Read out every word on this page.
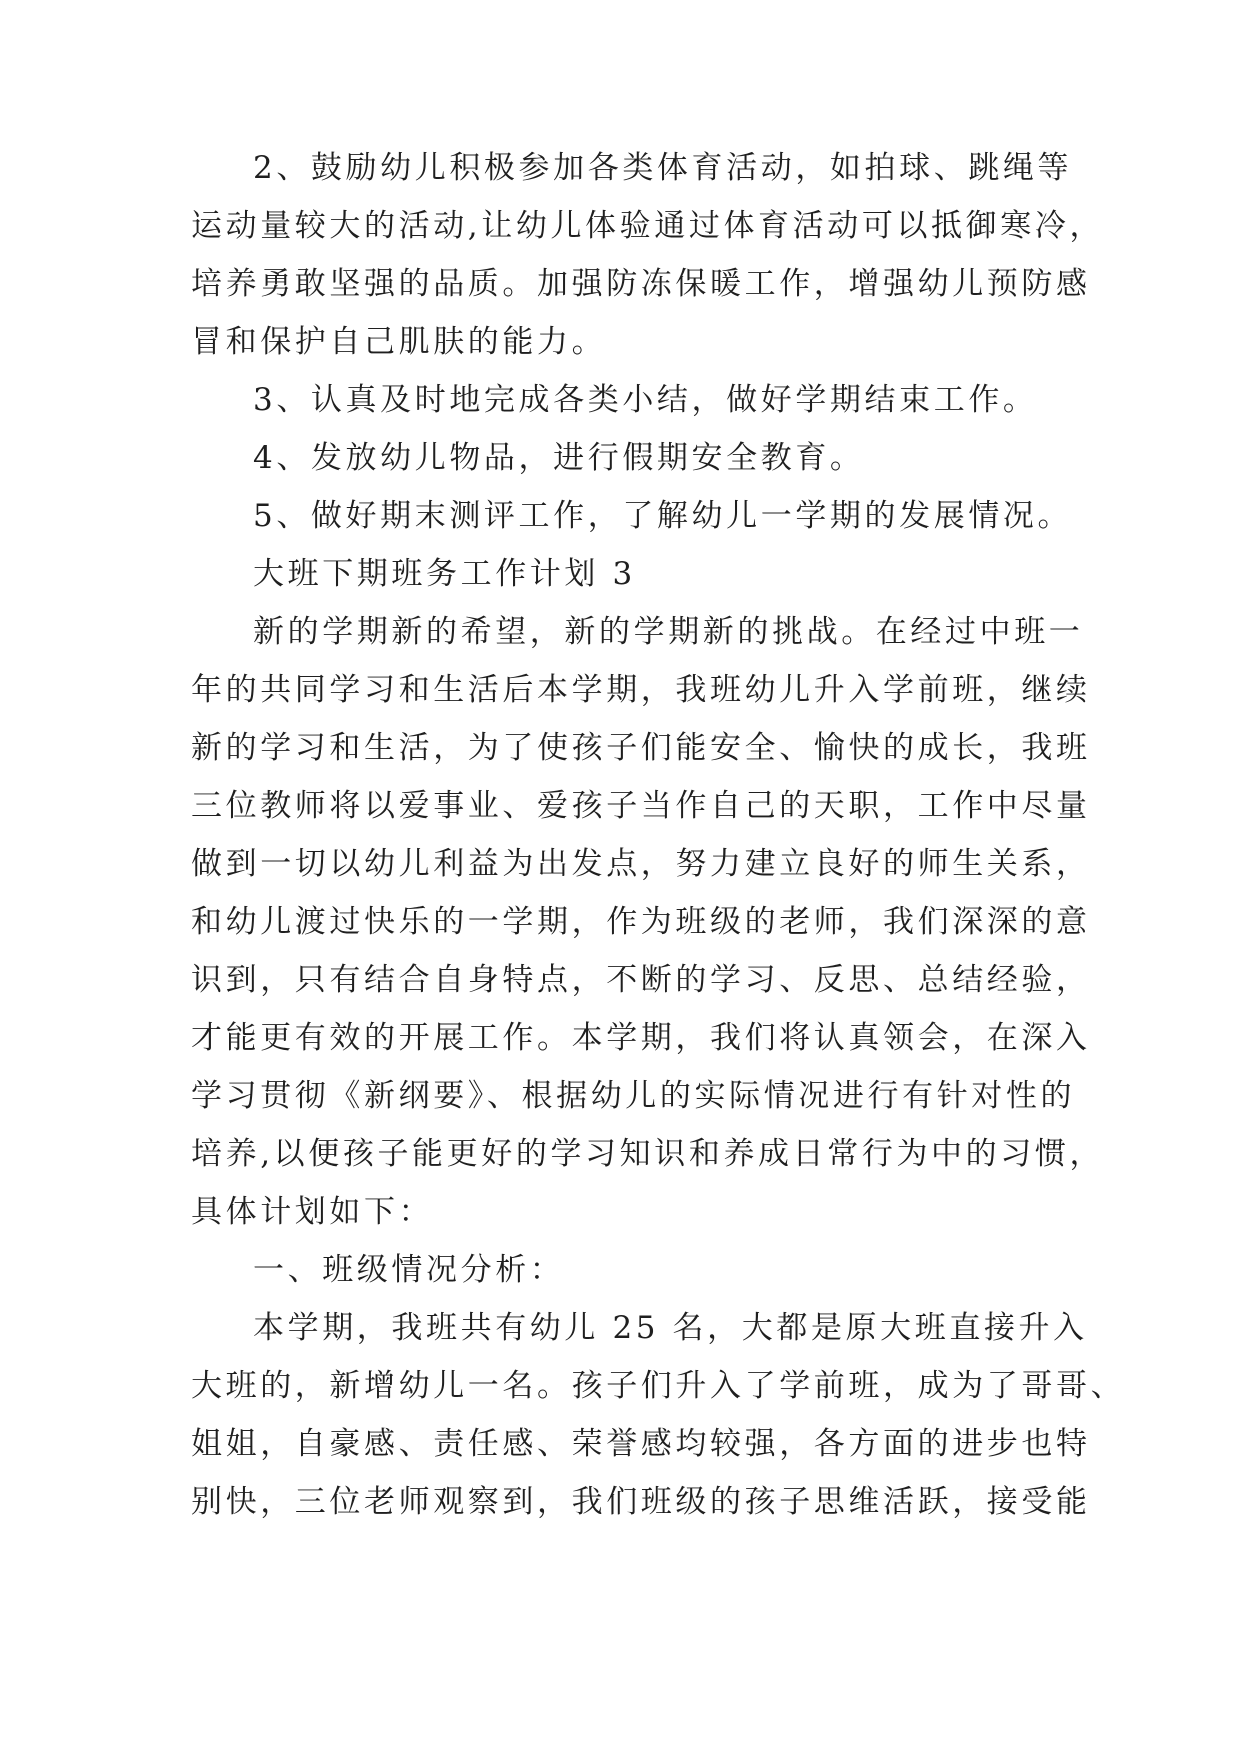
2、鼓励幼儿积极参加各类体育活动，如拍球、跳绳等

运动量较大的活动,让幼儿体验通过体育活动可以抵御寒冷，

培养勇敢坚强的品质。加强防冻保暖工作，增强幼儿预防感

冒和保护自己肌肤的能力。

3、认真及时地完成各类小结，做好学期结束工作。

4、发放幼儿物品，进行假期安全教育。

5、做好期末测评工作，了解幼儿一学期的发展情况。

大班下期班务工作计划 3

新的学期新的希望，新的学期新的挑战。在经过中班一

年的共同学习和生活后本学期，我班幼儿升入学前班，继续

新的学习和生活，为了使孩子们能安全、愉快的成长，我班

三位教师将以爱事业、爱孩子当作自己的天职，工作中尽量

做到一切以幼儿利益为出发点，努力建立良好的师生关系，

和幼儿渡过快乐的一学期，作为班级的老师，我们深深的意

识到，只有结合自身特点，不断的学习、反思、总结经验，

才能更有效的开展工作。本学期，我们将认真领会，在深入

学习贯彻《新纲要》、根据幼儿的实际情况进行有针对性的

培养,以便孩子能更好的学习知识和养成日常行为中的习惯，

具体计划如下：

一、班级情况分析：

本学期，我班共有幼儿 25 名，大都是原大班直接升入

大班的，新增幼儿一名。孩子们升入了学前班，成为了哥哥、

姐姐，自豪感、责任感、荣誉感均较强，各方面的进步也特

别快，三位老师观察到，我们班级的孩子思维活跃，接受能
